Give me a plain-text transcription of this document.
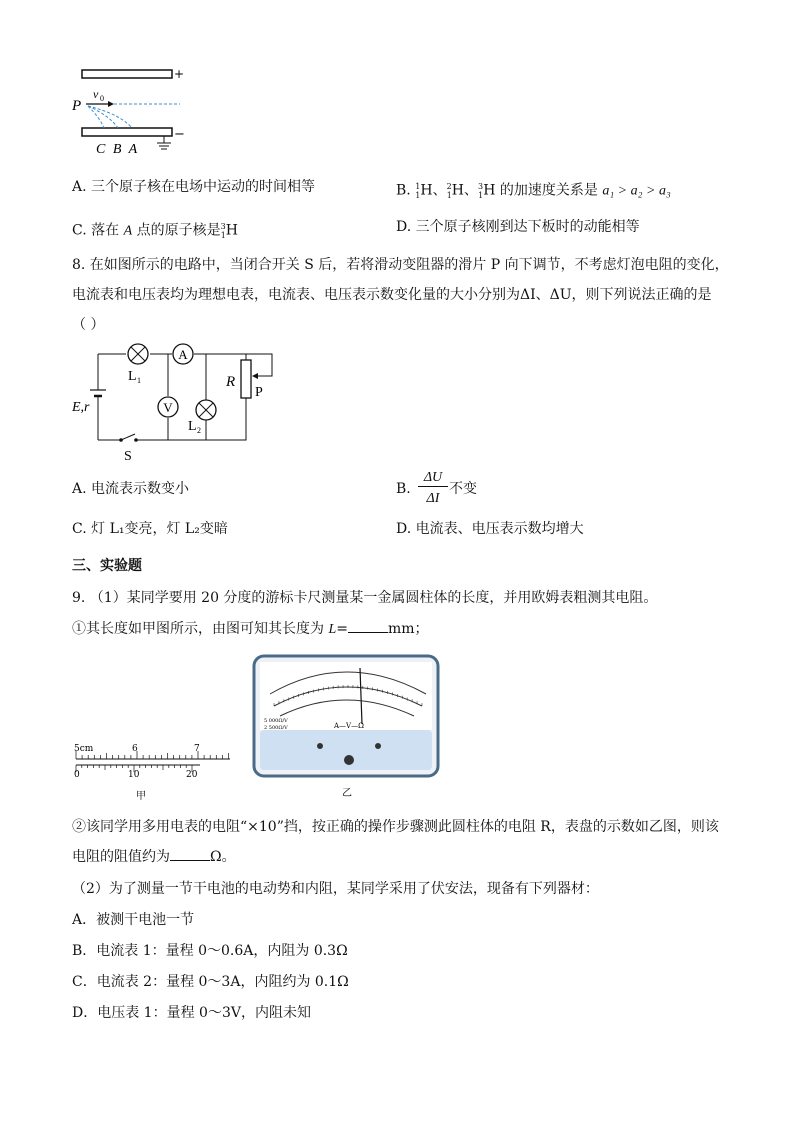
+
−
P
v 0
C B A
A. 三个原子核在电场中运动的时间相等	B. $^1_1$H、$^2_1$H、$^3_1$H 的加速度关系是 a₁ > a₂ > a₃
C. 落在 A 点的原子核是$^3_1$H	D. 三个原子核刚到达下板时的动能相等
8. 在如图所示的电路中，当闭合开关 S 后，若将滑动变阻器的滑片 P 向下调节，不考虑灯泡电阻的变化，
电流表和电压表均为理想电表，电流表、电压表示数变化量的大小分别为ΔI、ΔU，则下列说法正确的是
（ ）
A
V
L 1
L 2
R
P
E,r
S
A. 电流表示数变小	B.
ΔU
ΔI
不变
C. 灯 L₁变亮，灯 L₂变暗	D. 电流表、电压表示数均增大
三、实验题
9. （1）某同学要用 20 分度的游标卡尺测量某一金属圆柱体的长度，并用欧姆表粗测其电阻。
①其长度如甲图所示，由图可知其长度为 L=	mm；
5cm	6	7
0	10	20
甲
A—V—Ω
5 000Ω/V
2 500Ω/V
乙
②该同学用多用电表的电阻“×10”挡，按正确的操作步骤测此圆柱体的电阻 R，表盘的示数如乙图，则该
电阻的阻值约为	Ω。
（2）为了测量一节干电池的电动势和内阻，某同学采用了伏安法，现备有下列器材：
A．被测干电池一节
B．电流表 1：量程 0～0.6A，内阻为 0.3Ω
C．电流表 2：量程 0～3A，内阻约为 0.1Ω
D．电压表 1：量程 0～3V，内阻未知
